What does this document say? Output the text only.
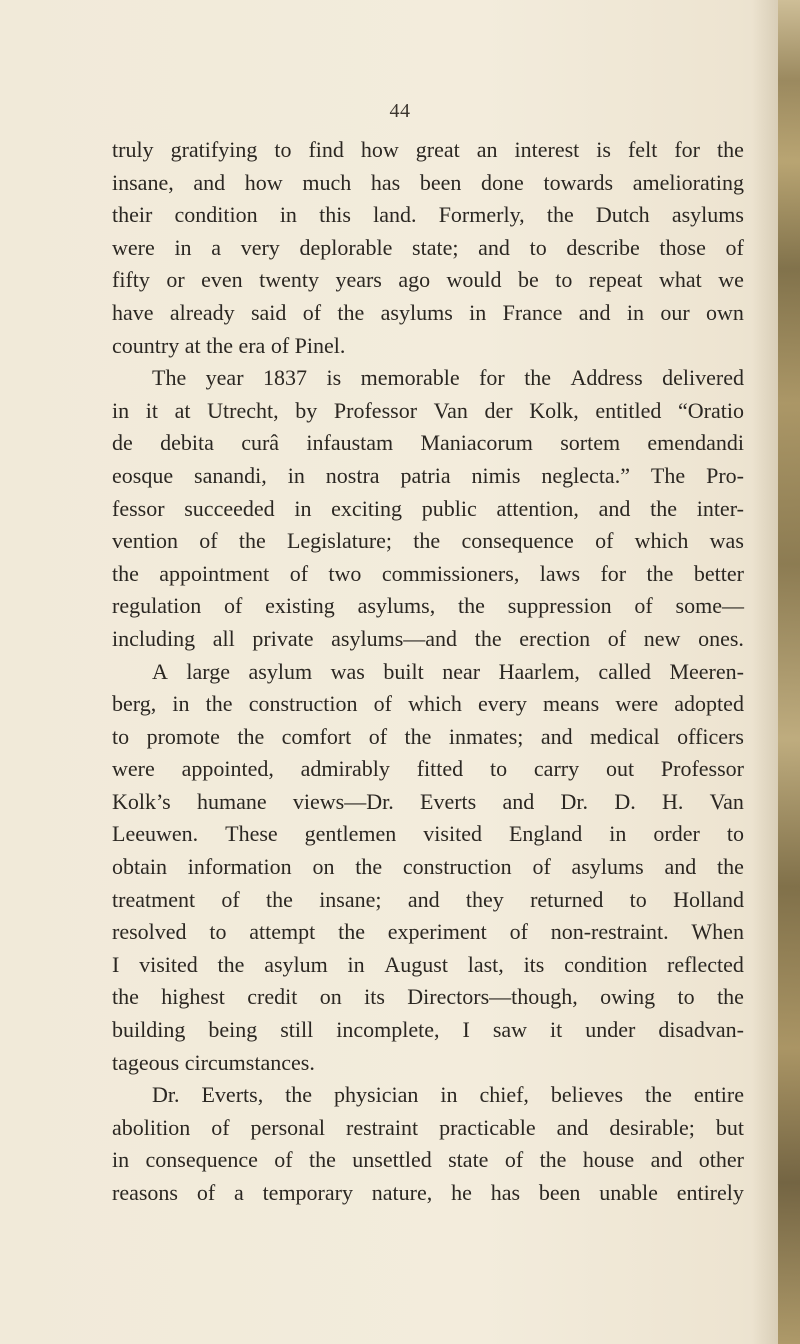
44
truly gratifying to find how great an interest is felt for the
insane, and how much has been done towards ameliorating
their condition in this land. Formerly, the Dutch asylums
were in a very deplorable state; and to describe those of
fifty or even twenty years ago would be to repeat what we
have already said of the asylums in France and in our own
country at the era of Pinel.
The year 1837 is memorable for the Address delivered
in it at Utrecht, by Professor Van der Kolk, entitled “Oratio
de debita curâ infaustam Maniacorum sortem emendandi
eosque sanandi, in nostra patria nimis neglecta.” The Pro-
fessor succeeded in exciting public attention, and the inter-
vention of the Legislature; the consequence of which was
the appointment of two commissioners, laws for the better
regulation of existing asylums, the suppression of some—
including all private asylums—and the erection of new ones.
A large asylum was built near Haarlem, called Meeren-
berg, in the construction of which every means were adopted
to promote the comfort of the inmates; and medical officers
were appointed, admirably fitted to carry out Professor
Kolk’s humane views—Dr. Everts and Dr. D. H. Van
Leeuwen. These gentlemen visited England in order to
obtain information on the construction of asylums and the
treatment of the insane; and they returned to Holland
resolved to attempt the experiment of non-restraint. When
I visited the asylum in August last, its condition reflected
the highest credit on its Directors—though, owing to the
building being still incomplete, I saw it under disadvan-
tageous circumstances.
Dr. Everts, the physician in chief, believes the entire
abolition of personal restraint practicable and desirable; but
in consequence of the unsettled state of the house and other
reasons of a temporary nature, he has been unable entirely
